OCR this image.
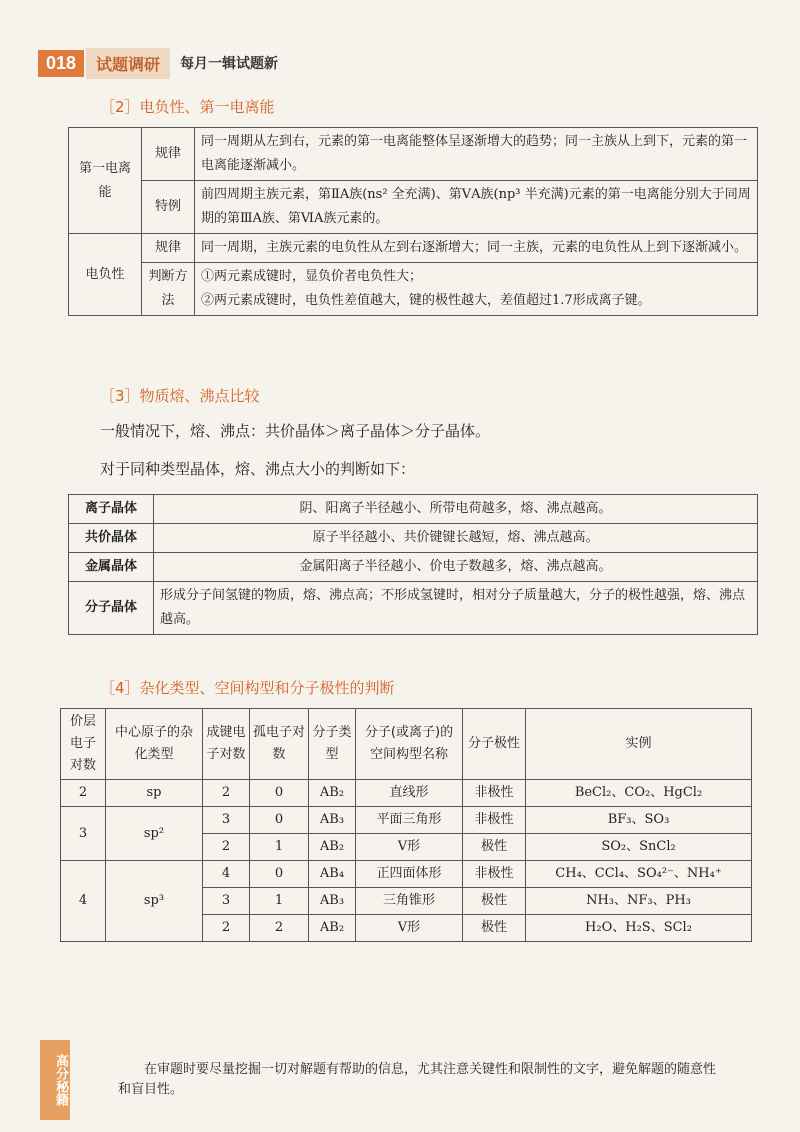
018	试题调研	每月一辑试题新
［2］电负性、第一电离能
第一电离能	规律	同一周期从左到右，元素的第一电离能整体呈逐渐增大的趋势；同一主族从上到下，元素的第一电离能逐渐减小。
	特例	前四周期主族元素，第ⅡA族(ns² 全充满)、第ⅤA族(np³ 半充满)元素的第一电离能分别大于同周期的第ⅢA族、第ⅥA族元素的。
电负性	规律	同一周期，主族元素的电负性从左到右逐渐增大；同一主族，元素的电负性从上到下逐渐减小。
	判断方法	①两元素成键时，显负价者电负性大；
②两元素成键时，电负性差值越大，键的极性越大，差值超过1.7形成离子键。
［3］物质熔、沸点比较
一般情况下，熔、沸点：共价晶体＞离子晶体＞分子晶体。
对于同种类型晶体，熔、沸点大小的判断如下：
离子晶体	阴、阳离子半径越小、所带电荷越多，熔、沸点越高。
共价晶体	原子半径越小、共价键键长越短，熔、沸点越高。
金属晶体	金属阳离子半径越小、价电子数越多，熔、沸点越高。
分子晶体	形成分子间氢键的物质，熔、沸点高；不形成氢键时，相对分子质量越大，分子的极性越强，熔、沸点越高。
［4］杂化类型、空间构型和分子极性的判断
价层电子对数	中心原子的杂化类型	成键电子对数	孤电子对数	分子类型	分子(或离子)的空间构型名称	分子极性	实例
2	sp	2	0	AB₂	直线形	非极性	BeCl₂、CO₂、HgCl₂
3	sp²	3	0	AB₃	平面三角形	非极性	BF₃、SO₃
		2	1	AB₂	V形	极性	SO₂、SnCl₂
4	sp³	4	0	AB₄	正四面体形	非极性	CH₄、CCl₄、SO₄²⁻、NH₄⁺
		3	1	AB₃	三角锥形	极性	NH₃、NF₃、PH₃
		2	2	AB₂	V形	极性	H₂O、H₂S、SCl₂
高分秘籍	在审题时要尽量挖掘一切对解题有帮助的信息，尤其注意关键性和限制性的文字，避免解题的随意性和盲目性。
